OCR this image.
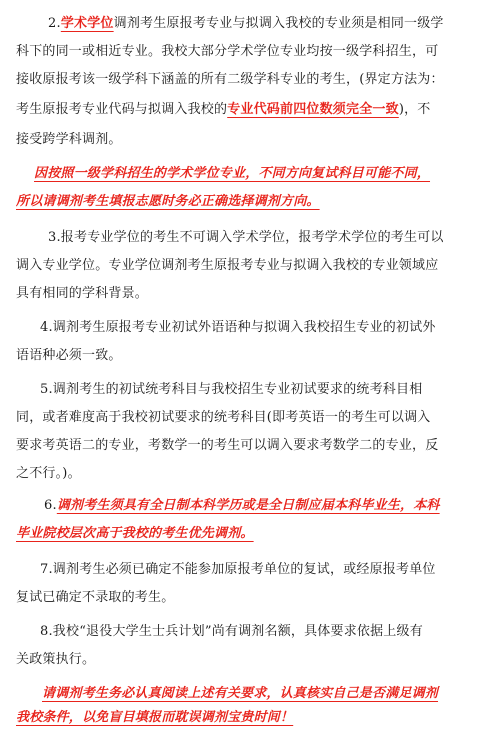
2.学术学位调剂考生原报考专业与拟调入我校的专业须是相同一级学
科下的同一或相近专业。我校大部分学术学位专业均按一级学科招生，可
接收原报考该一级学科下涵盖的所有二级学科专业的考生，(界定方法为：
考生原报考专业代码与拟调入我校的专业代码前四位数须完全一致)，不
接受跨学科调剂。
因按照一级学科招生的学术学位专业，不同方向复试科目可能不同，
所以请调剂考生填报志愿时务必正确选择调剂方向。
3.报考专业学位的考生不可调入学术学位，报考学术学位的考生可以
调入专业学位。专业学位调剂考生原报考专业与拟调入我校的专业领域应
具有相同的学科背景。
4.调剂考生原报考专业初试外语语种与拟调入我校招生专业的初试外
语语种必须一致。
5.调剂考生的初试统考科目与我校招生专业初试要求的统考科目相
同，或者难度高于我校初试要求的统考科目(即考英语一的考生可以调入
要求考英语二的专业，考数学一的考生可以调入要求考数学二的专业，反
之不行。)。
6.调剂考生须具有全日制本科学历或是全日制应届本科毕业生，本科
毕业院校层次高于我校的考生优先调剂。
7.调剂考生必须已确定不能参加原报考单位的复试，或经原报考单位
复试已确定不录取的考生。
8.我校“退役大学生士兵计划”尚有调剂名额，具体要求依据上级有
关政策执行。
请调剂考生务必认真阅读上述有关要求，认真核实自己是否满足调剂
我校条件，以免盲目填报而耽误调剂宝贵时间！
